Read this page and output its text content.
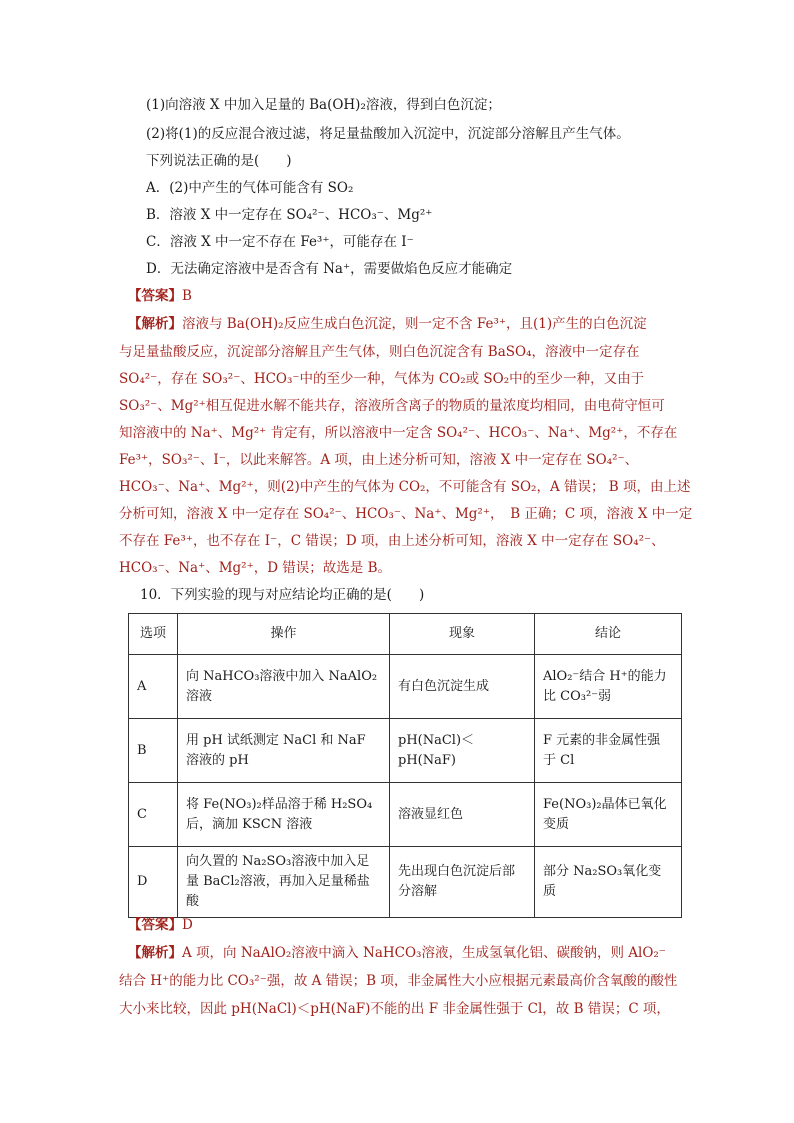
(1)向溶液 X 中加入足量的 Ba(OH)₂溶液，得到白色沉淀；
(2)将(1)的反应混合液过滤，将足量盐酸加入沉淀中，沉淀部分溶解且产生气体。
下列说法正确的是(　　)
A．(2)中产生的气体可能含有 SO₂
B．溶液 X 中一定存在 SO₄²⁻、HCO₃⁻、Mg²⁺
C．溶液 X 中一定不存在 Fe³⁺，可能存在 I⁻
D．无法确定溶液中是否含有 Na⁺，需要做焰色反应才能确定
【答案】B
【解析】溶液与 Ba(OH)₂反应生成白色沉淀，则一定不含 Fe³⁺，且(1)产生的白色沉淀
与足量盐酸反应，沉淀部分溶解且产生气体，则白色沉淀含有 BaSO₄，溶液中一定存在
SO₄²⁻，存在 SO₃²⁻、HCO₃⁻中的至少一种，气体为 CO₂或 SO₂中的至少一种，又由于
SO₃²⁻、Mg²⁺相互促进水解不能共存，溶液所含离子的物质的量浓度均相同，由电荷守恒可
知溶液中的 Na⁺、Mg²⁺ 肯定有，所以溶液中一定含 SO₄²⁻、HCO₃⁻、Na⁺、Mg²⁺，不存在
Fe³⁺，SO₃²⁻、I⁻，以此来解答。A 项，由上述分析可知，溶液 X 中一定存在 SO₄²⁻、
HCO₃⁻、Na⁺、Mg²⁺，则(2)中产生的气体为 CO₂，不可能含有 SO₂，A 错误； B 项，由上述
分析可知，溶液 X 中一定存在 SO₄²⁻、HCO₃⁻、Na⁺、Mg²⁺，　B 正确；C 项，溶液 X 中一定
不存在 Fe³⁺，也不存在 I⁻，C 错误；D 项，由上述分析可知，溶液 X 中一定存在 SO₄²⁻、
HCO₃⁻、Na⁺、Mg²⁺，D 错误；故选是 B。
10．下列实验的现与对应结论均正确的是(　　)
选项	操作	现象	结论
A	向 NaHCO₃溶液中加入 NaAlO₂溶液	有白色沉淀生成	AlO₂⁻结合 H⁺的能力比 CO₃²⁻弱
B	用 pH 试纸测定 NaCl 和 NaF 溶液的 pH	pH(NaCl)＜pH(NaF)	F 元素的非金属性强于 Cl
C	将 Fe(NO₃)₂样品溶于稀 H₂SO₄后，滴加 KSCN 溶液	溶液显红色	Fe(NO₃)₂晶体已氧化变质
D	向久置的 Na₂SO₃溶液中加入足量 BaCl₂溶液，再加入足量稀盐酸	先出现白色沉淀后部分溶解	部分 Na₂SO₃氧化变质
【答案】D
【解析】A 项，向 NaAlO₂溶液中滴入 NaHCO₃溶液，生成氢氧化铝、碳酸钠，则 AlO₂⁻
结合 H⁺的能力比 CO₃²⁻强，故 A 错误；B 项，非金属性大小应根据元素最高价含氧酸的酸性
大小来比较，因此 pH(NaCl)＜pH(NaF)不能的出 F 非金属性强于 Cl，故 B 错误；C 项，
